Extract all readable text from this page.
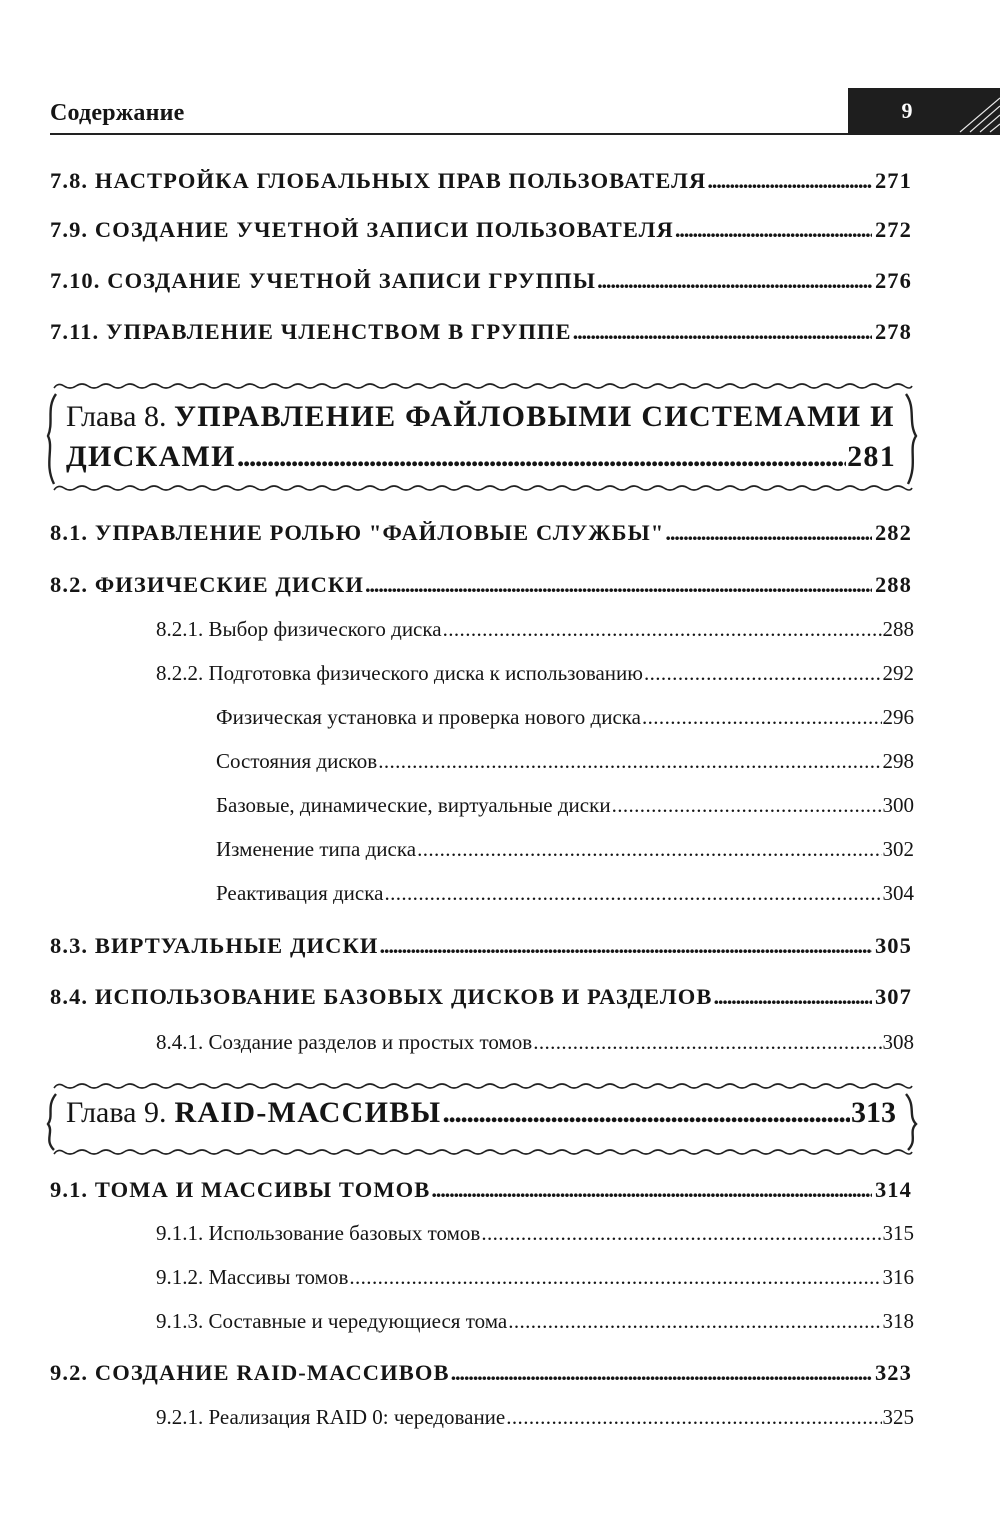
Содержание	9
7.8. НАСТРОЙКА ГЛОБАЛЬНЫХ ПРАВ ПОЛЬЗОВАТЕЛЯ .....	271
7.9. СОЗДАНИЕ УЧЕТНОЙ ЗАПИСИ ПОЛЬЗОВАТЕЛЯ .....	272
7.10. СОЗДАНИЕ УЧЕТНОЙ ЗАПИСИ ГРУППЫ .....	276
7.11. УПРАВЛЕНИЕ ЧЛЕНСТВОМ В ГРУППЕ .....	278
Глава 8. УПРАВЛЕНИЕ ФАЙЛОВЫМИ СИСТЕМАМИ И
ДИСКАМИ .....	281
8.1. УПРАВЛЕНИЕ РОЛЬЮ "ФАЙЛОВЫЕ СЛУЖБЫ" .....	282
8.2. ФИЗИЧЕСКИЕ ДИСКИ .....	288
8.2.1. Выбор физического диска .....	288
8.2.2. Подготовка физического диска к использованию .....	292
Физическая установка и проверка нового диска .....	296
Состояния дисков .....	298
Базовые, динамические, виртуальные диски .....	300
Изменение типа диска .....	302
Реактивация диска .....	304
8.3. ВИРТУАЛЬНЫЕ ДИСКИ .....	305
8.4. ИСПОЛЬЗОВАНИЕ БАЗОВЫХ ДИСКОВ И РАЗДЕЛОВ .....	307
8.4.1. Создание разделов и простых томов .....	308
Глава 9. RAID-МАССИВЫ .....	313
9.1. ТОМА И МАССИВЫ ТОМОВ .....	314
9.1.1. Использование базовых томов .....	315
9.1.2. Массивы томов .....	316
9.1.3. Составные и чередующиеся тома .....	318
9.2. СОЗДАНИЕ RAID-МАССИВОВ .....	323
9.2.1. Реализация RAID 0: чередование .....	325
